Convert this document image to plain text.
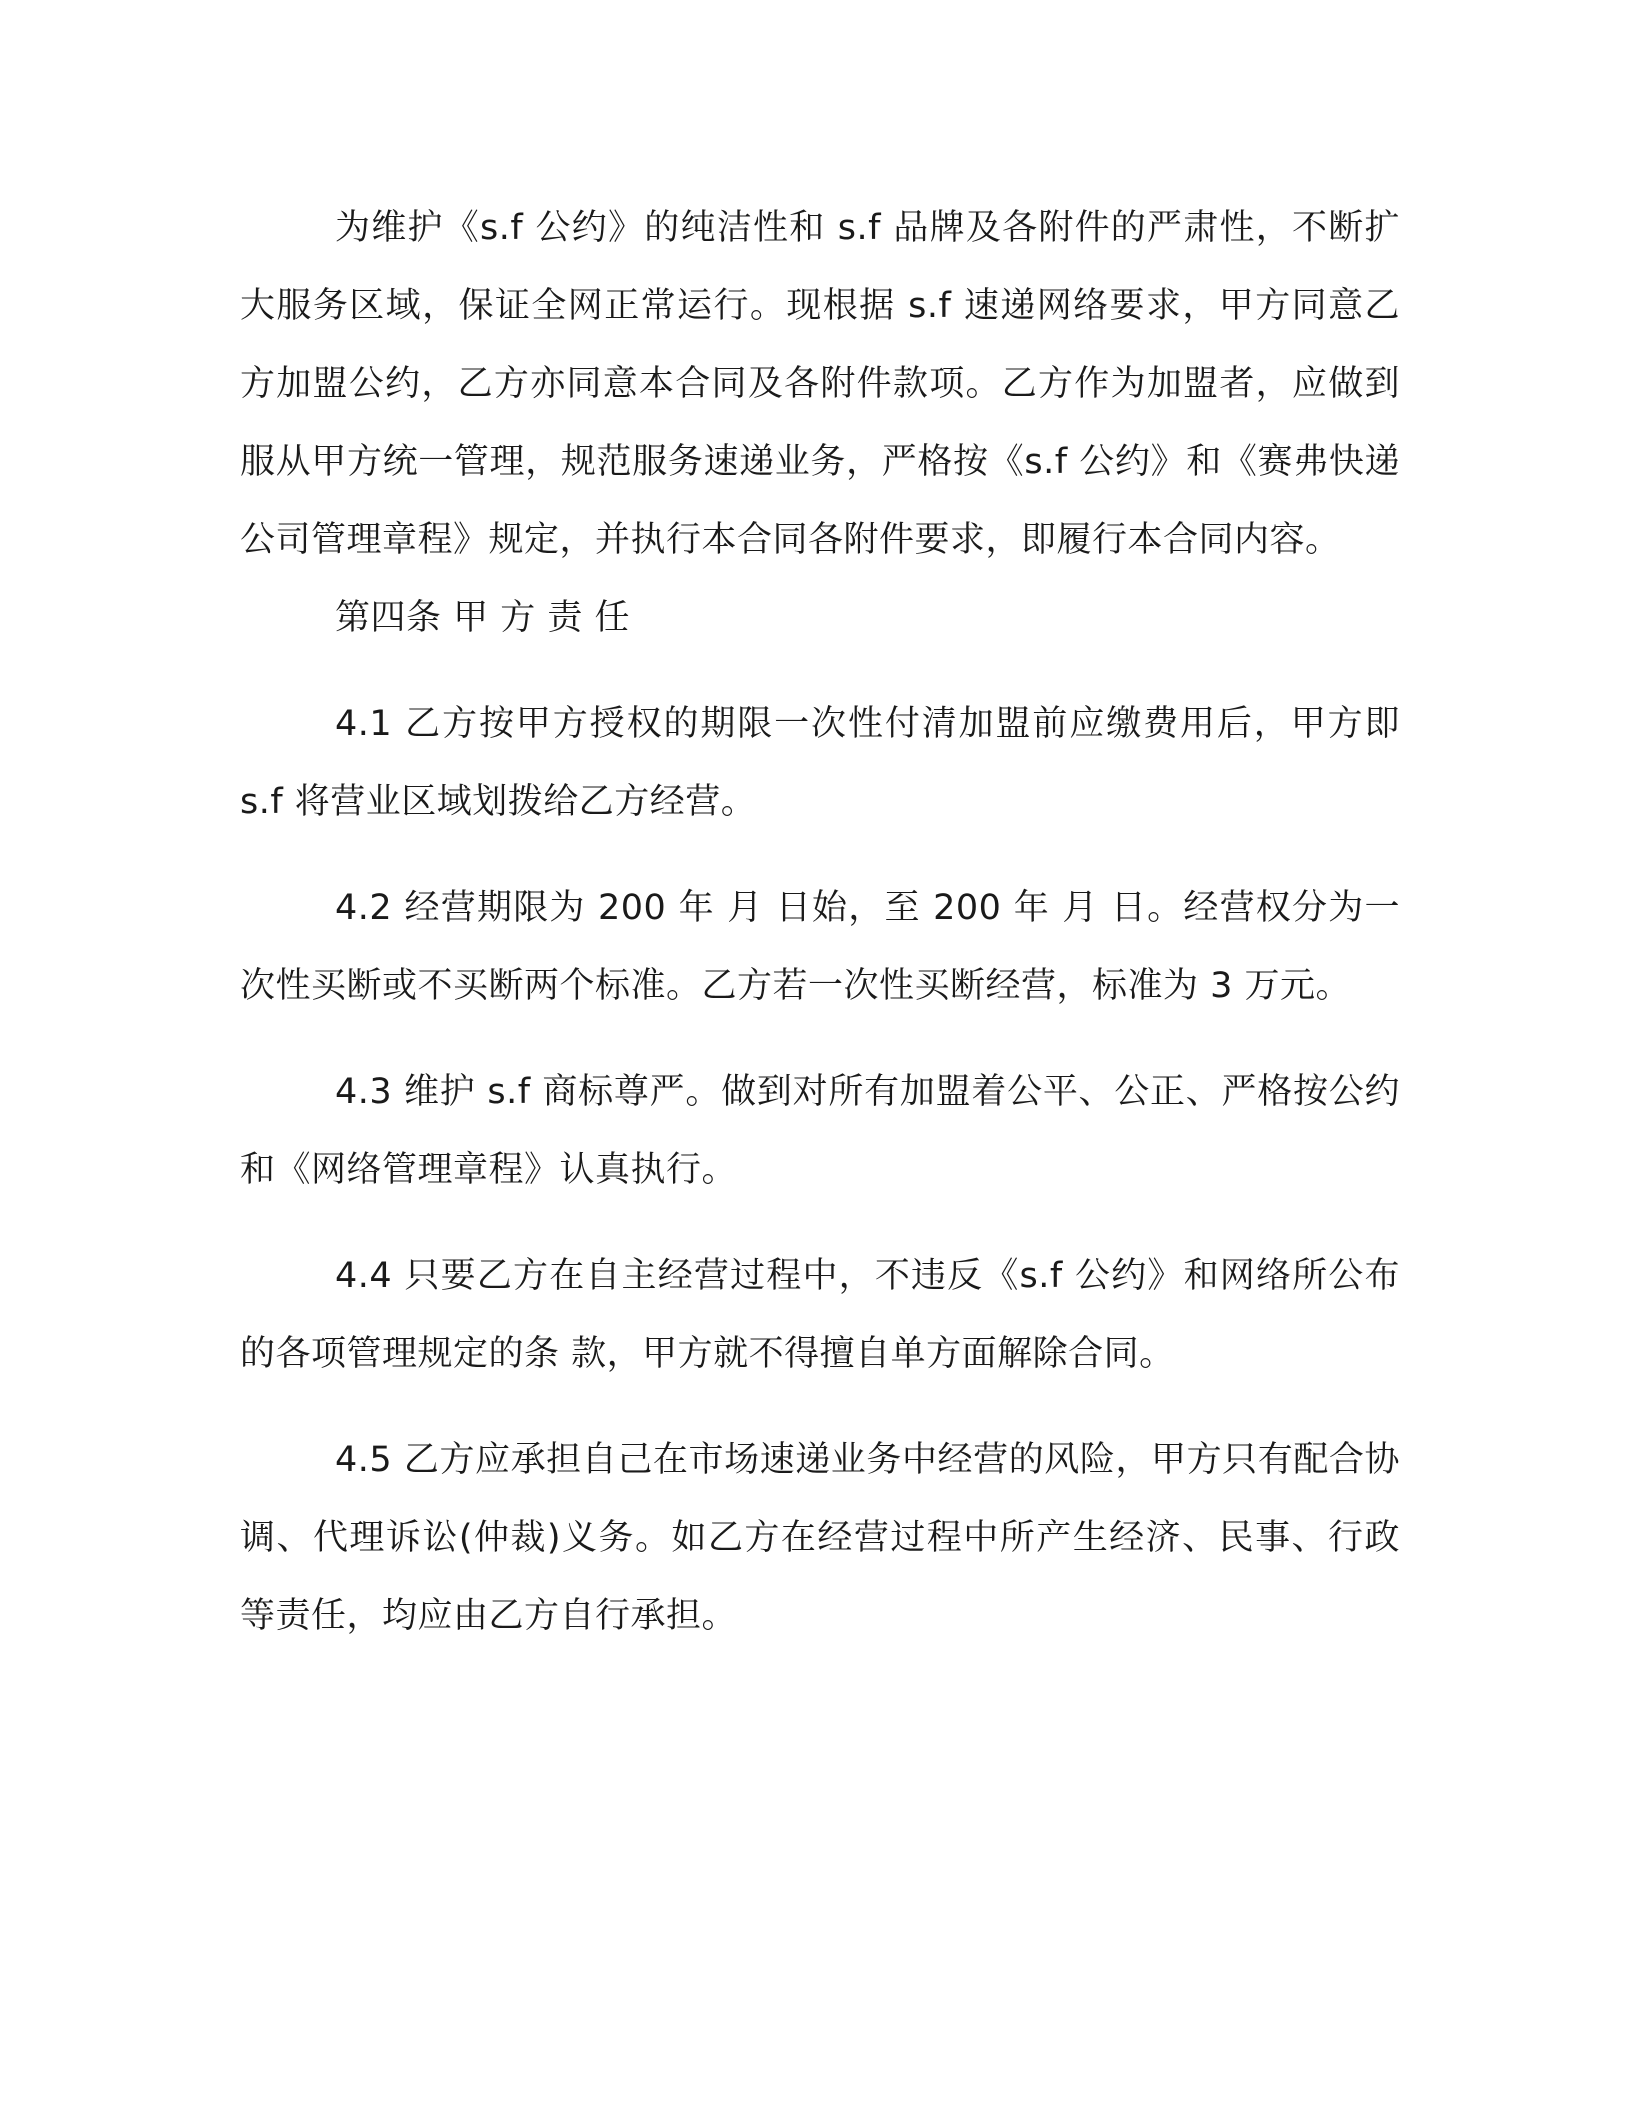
为维护《s.f 公约》的纯洁性和 s.f 品牌及各附件的严肃性，不断扩大服务区域，保证全网正常运行。现根据 s.f 速递网络要求，甲方同意乙方加盟公约，乙方亦同意本合同及各附件款项。乙方作为加盟者，应做到服从甲方统一管理，规范服务速递业务，严格按《s.f 公约》和《赛弗快递公司管理章程》规定，并执行本合同各附件要求，即履行本合同内容。

第四条 甲 方 责 任

4.1 乙方按甲方授权的期限一次性付清加盟前应缴费用后，甲方即 s.f 将营业区域划拨给乙方经营。

4.2 经营期限为 200 年 月 日始，至 200 年 月 日。经营权分为一次性买断或不买断两个标准。乙方若一次性买断经营，标准为 3 万元。

4.3 维护 s.f 商标尊严。做到对所有加盟着公平、公正、严格按公约和《网络管理章程》认真执行。

4.4 只要乙方在自主经营过程中，不违反《s.f 公约》和网络所公布的各项管理规定的条 款，甲方就不得擅自单方面解除合同。

4.5 乙方应承担自己在市场速递业务中经营的风险，甲方只有配合协调、代理诉讼(仲裁)义务。如乙方在经营过程中所产生经济、民事、行政等责任，均应由乙方自行承担。
